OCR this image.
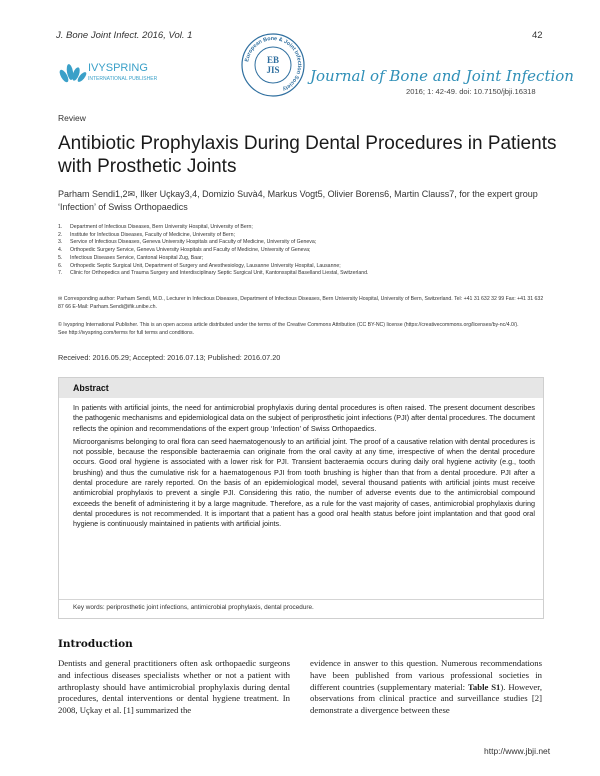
J. Bone Joint Infect. 2016, Vol. 1	42
IVYSPRING
INTERNATIONAL PUBLISHER
European Bone & Joint Infection Society
EB
JIS Journal of Bone and Joint Infection
2016; 1: 42-49. doi: 10.7150/jbji.16318
Review
Antibiotic Prophylaxis During Dental Procedures in Patients with Prosthetic Joints
Parham Sendi1,2✉, Ilker Uçkay3,4, Domizio Suvà4, Markus Vogt5, Olivier Borens6, Martin Clauss7, for the expert group ‘Infection’ of Swiss Orthopaedics
1. Department of Infectious Diseases, Bern University Hospital, University of Bern;
2. Institute for Infectious Diseases, Faculty of Medicine, University of Bern;
3. Service of Infectious Diseases, Geneva University Hospitals and Faculty of Medicine, University of Geneva;
4. Orthopedic Surgery Service, Geneva University Hospitals and Faculty of Medicine, University of Geneva;
5. Infectious Diseases Service, Cantonal Hospital Zug, Baar;
6. Orthopedic Septic Surgical Unit, Department of Surgery and Anesthesiology, Lausanne University Hospital, Lausanne;
7. Clinic for Orthopedics and Trauma Surgery and Interdisciplinary Septic Surgical Unit, Kantonsspital Baselland Liestal, Switzerland.
✉ Corresponding author: Parham Sendi, M.D., Lecturer in Infectious Diseases, Department of Infectious Diseases, Bern University Hospital, University of Bern, Switzerland. Tel: +41 31 632 32 99 Fax: +41 31 632 87 66 E-Mail: Parham.Sendi@ifik.unibe.ch.
© Ivyspring International Publisher. This is an open access article distributed under the terms of the Creative Commons Attribution (CC BY-NC) license (https://creativecommons.org/licenses/by-nc/4.0/). See http://ivyspring.com/terms for full terms and conditions.
Received: 2016.05.29; Accepted: 2016.07.13; Published: 2016.07.20
Abstract

In patients with artificial joints, the need for antimicrobial prophylaxis during dental procedures is often raised. The present document describes the pathogenic mechanisms and epidemiological data on the subject of periprosthetic joint infections (PJI) after dental procedures. The document reflects the opinion and recommendations of the expert group ‘Infection’ of Swiss Orthopaedics.

Microorganisms belonging to oral flora can seed haematogenously to an artificial joint. The proof of a causative relation with dental procedures is not possible, because the responsible bacteraemia can originate from the oral cavity at any time, irrespective of when the dental procedure occurs. Good oral hygiene is associated with a lower risk for PJI. Transient bacteraemia occurs during daily oral hygiene activity (e.g., tooth brushing) and thus the cumulative risk for a haematogenous PJI from tooth brushing is higher than that from a dental procedure. PJI after a dental procedure are rarely reported. On the basis of an epidemiological model, several thousand patients with artificial joints must receive antimicrobial prophylaxis to prevent a single PJI. Considering this ratio, the number of adverse events due to the antimicrobial compound exceeds the benefit of administering it by a large magnitude. Therefore, as a rule for the vast majority of cases, antimicrobial prophylaxis during dental procedures is not recommended. It is important that a patient has a good oral health status before joint implantation and that good oral hygiene is continuously maintained in patients with artificial joints.

Key words: periprosthetic joint infections, antimicrobial prophylaxis, dental procedure.
Introduction
Dentists and general practitioners often ask orthopaedic surgeons and infectious diseases specialists whether or not a patient with arthroplasty should have antimicrobial prophylaxis during dental procedures, dental interventions or dental hygiene treatment. In 2008, Uçkay et al. [1] summarized the
evidence in answer to this question. Numerous recommendations have been published from various professional societies in different countries (supplementary material: Table S1). However, observations from clinical practice and surveillance studies [2] demonstrate a divergence between these
http://www.jbji.net
